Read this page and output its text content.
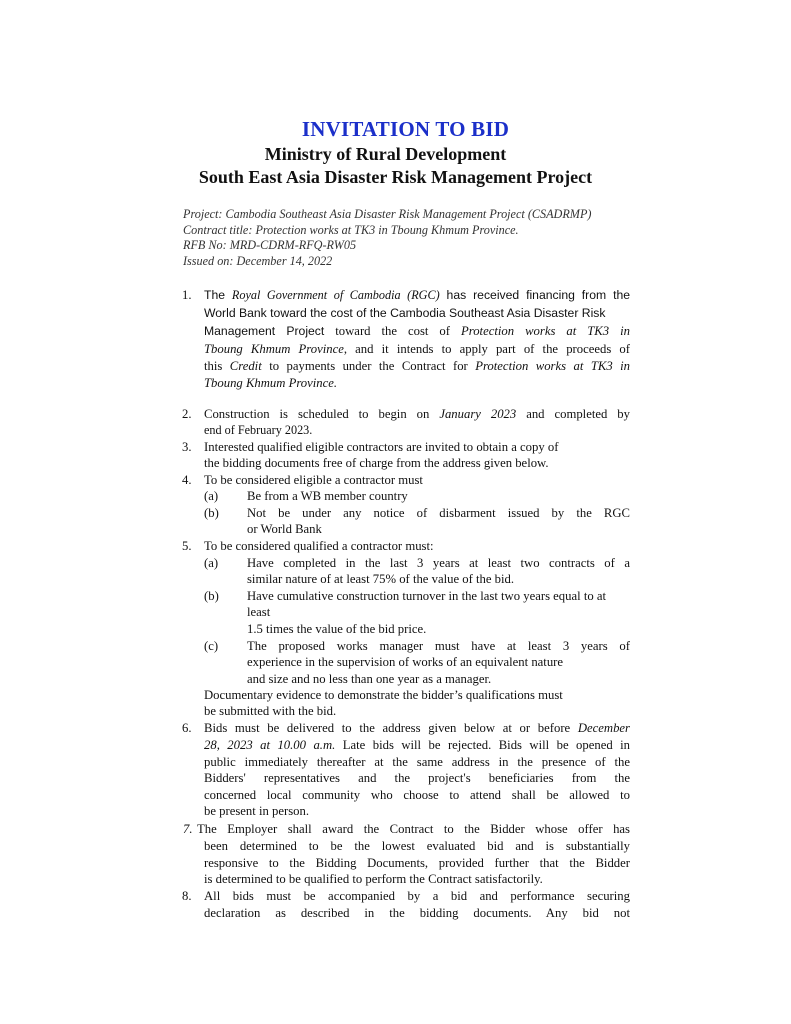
INVITATION TO BID
Ministry of Rural Development
South East Asia Disaster Risk Management Project
Project: Cambodia Southeast Asia Disaster Risk Management Project (CSADRMP)
Contract title: Protection works at TK3 in Tboung Khmum Province.
RFB No: MRD-CDRM-RFQ-RW05
Issued on: December 14, 2022
1. The Royal Government of Cambodia (RGC) has received financing from the
World Bank toward the cost of the Cambodia Southeast Asia Disaster Risk
Management Project toward the cost of Protection works at TK3 in
Tboung Khmum Province, and it intends to apply part of the proceeds of
this Credit to payments under the Contract for Protection works at TK3 in
Tboung Khmum Province.
2. Construction is scheduled to begin on January 2023 and completed by
end of February 2023.
3. Interested qualified eligible contractors are invited to obtain a copy of
the bidding documents free of charge from the address given below.
4. To be considered eligible a contractor must
(a) Be from a WB member country
(b) Not be under any notice of disbarment issued by the RGC
or World Bank
5. To be considered qualified a contractor must:
(a) Have completed in the last 3 years at least two contracts of a
similar nature of at least 75% of the value of the bid.
(b) Have cumulative construction turnover in the last two years equal to at
least
1.5 times the value of the bid price.
(c) The proposed works manager must have at least 3 years of
experience in the supervision of works of an equivalent nature
and size and no less than one year as a manager.
Documentary evidence to demonstrate the bidder’s qualifications must
be submitted with the bid.
6. Bids must be delivered to the address given below at or before December
28, 2023 at 10.00 a.m. Late bids will be rejected. Bids will be opened in
public immediately thereafter at the same address in the presence of the
Bidders' representatives and the project's beneficiaries from the
concerned local community who choose to attend shall be allowed to
be present in person.
7. The Employer shall award the Contract to the Bidder whose offer has
been determined to be the lowest evaluated bid and is substantially
responsive to the Bidding Documents, provided further that the Bidder
is determined to be qualified to perform the Contract satisfactorily.
8. All bids must be accompanied by a bid and performance securing
declaration as described in the bidding documents. Any bid not
